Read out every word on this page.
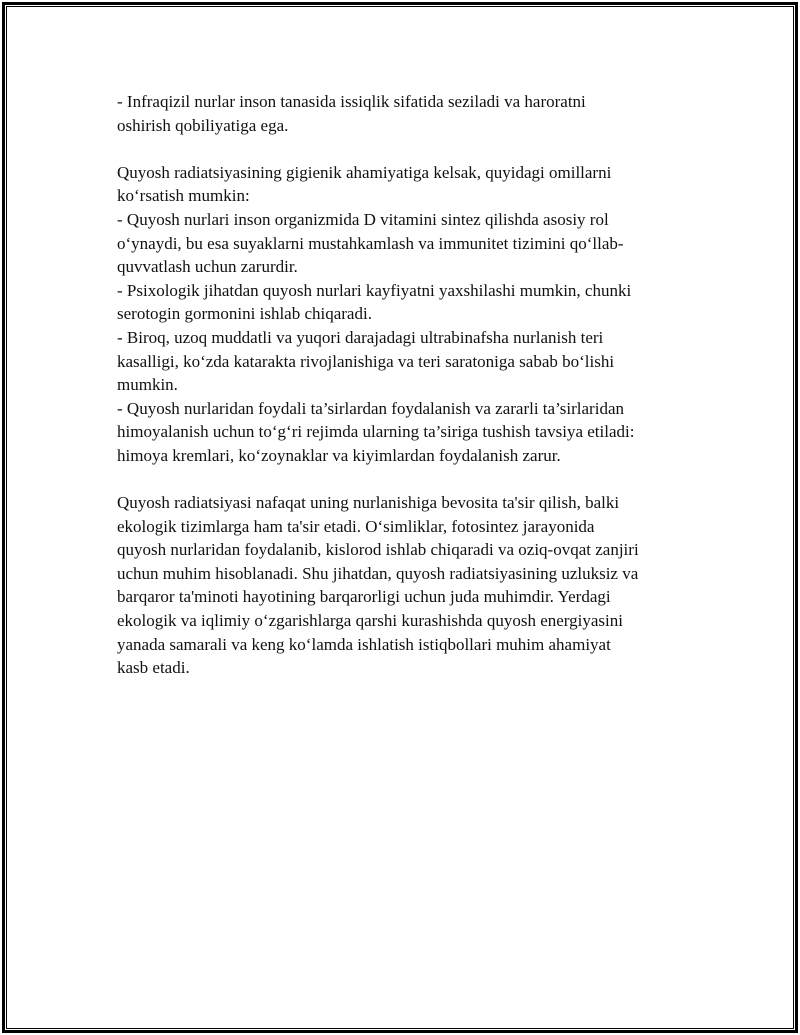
- Infraqizil nurlar inson tanasida issiqlik sifatida seziladi va haroratni
oshirish qobiliyatiga ega.

Quyosh radiatsiyasining gigienik ahamiyatiga kelsak, quyidagi omillarni
ko‘rsatish mumkin:
- Quyosh nurlari inson organizmida D vitamini sintez qilishda asosiy rol
o‘ynaydi, bu esa suyaklarni mustahkamlash va immunitet tizimini qo‘llab-
quvvatlash uchun zarurdir.
- Psixologik jihatdan quyosh nurlari kayfiyatni yaxshilashi mumkin, chunki
serotogin gormonini ishlab chiqaradi.
- Biroq, uzoq muddatli va yuqori darajadagi ultrabinafsha nurlanish teri
kasalligi, ko‘zda katarakta rivojlanishiga va teri saratoniga sabab bo‘lishi
mumkin.
- Quyosh nurlaridan foydali ta’sirlardan foydalanish va zararli ta’sirlaridan
himoyalanish uchun to‘g‘ri rejimda ularning ta’siriga tushish tavsiya etiladi:
himoya kremlari, ko‘zoynaklar va kiyimlardan foydalanish zarur.

Quyosh radiatsiyasi nafaqat uning nurlanishiga bevosita ta'sir qilish, balki
ekologik tizimlarga ham ta'sir etadi. O‘simliklar, fotosintez jarayonida
quyosh nurlaridan foydalanib, kislorod ishlab chiqaradi va oziq-ovqat zanjiri
uchun muhim hisoblanadi. Shu jihatdan, quyosh radiatsiyasining uzluksiz va
barqaror ta'minoti hayotining barqarorligi uchun juda muhimdir. Yerdagi
ekologik va iqlimiy o‘zgarishlarga qarshi kurashishda quyosh energiyasini
yanada samarali va keng ko‘lamda ishlatish istiqbollari muhim ahamiyat
kasb etadi.
